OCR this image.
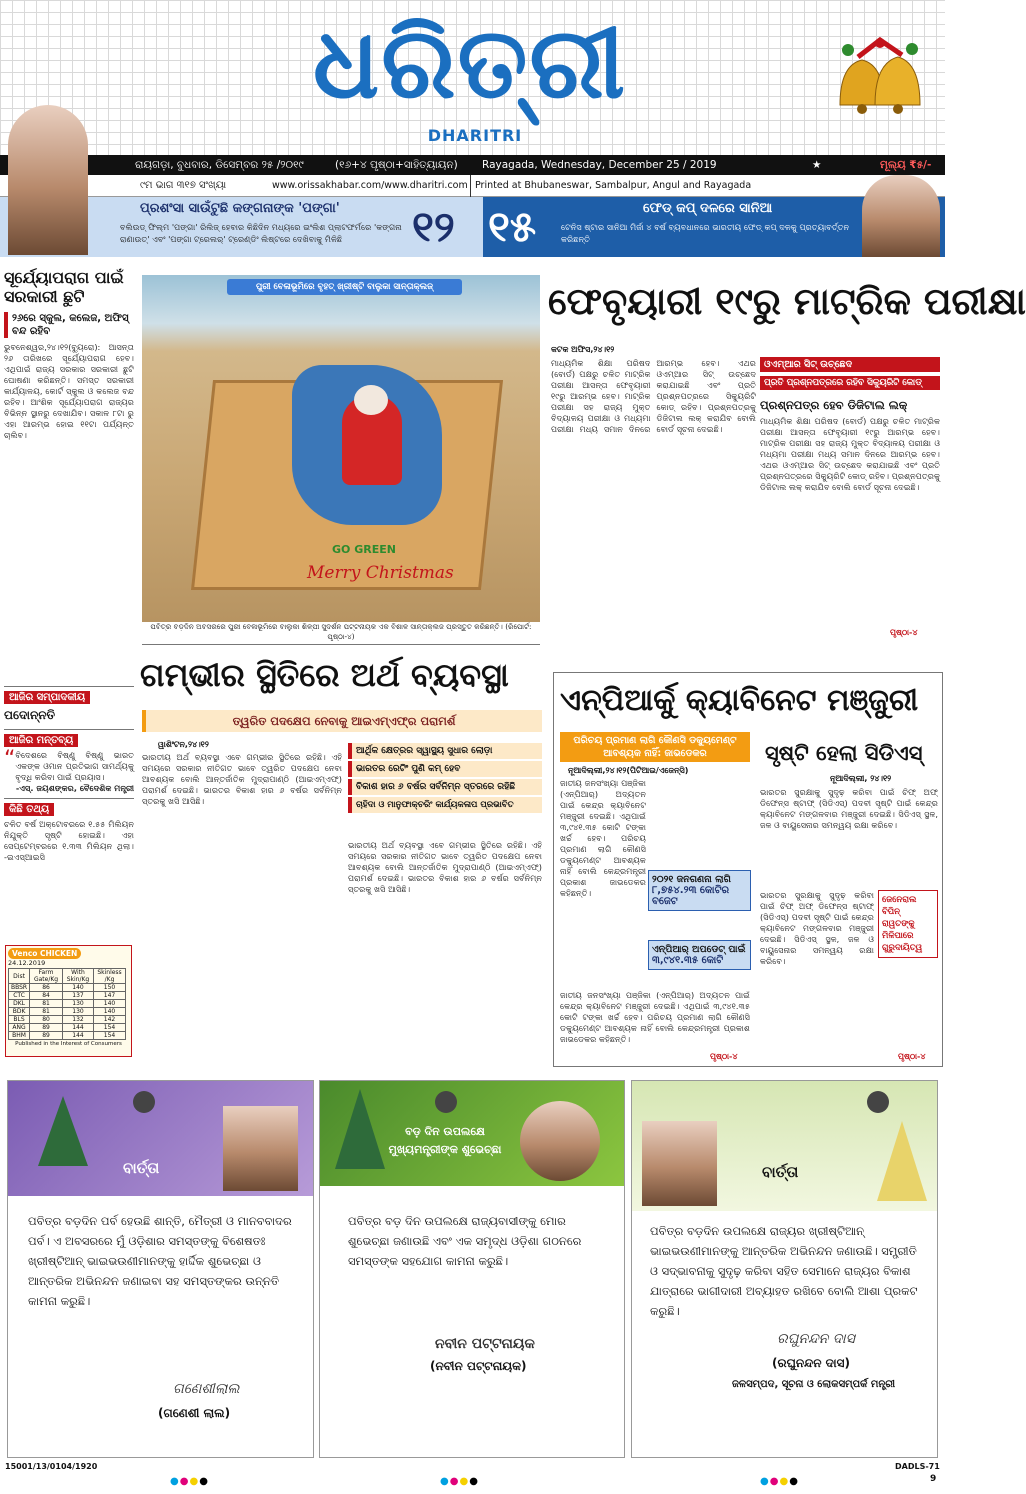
ଧରିତ୍ରୀ
DHARITRI
ରାୟଗଡ଼ା, ବୁଧବାର, ଡିସେମ୍ବର ୨୫ /୨୦୧୯	(୧୬+୪ ପୃଷ୍ଠା+ସାହିତ୍ୟାୟନ) Rayagada, Wednesday, December 25 / 2019	★	ମୂଲ୍ୟ ₹୫/-
୯ମ ଭାଗ ୩୧୭ ସଂଖ୍ୟା	www.orissakhabar.com/www.dharitri.com Printed at Bhubaneswar, Sambalpur, Angul and Rayagada
ପ୍ରଶଂସା ସାଉଁଟୁଛି କଙ୍ଗନାଙ୍କ 'ପଙ୍ଗା'
ବଲିଉଡ୍ ଫିଲ୍ମ 'ପଙ୍ଗା' ରିଲିଜ୍ ହେବାର କିଛିଦିନ ମଧ୍ୟରେ ଇଂଲିଶ ପ୍ଲାଟଫର୍ମରେ 'କଙ୍ଗନା ରାଣାଉତ୍' ଏବଂ 'ପଙ୍ଗା ଟ୍ରେଲର୍' ଟ୍ରେଣ୍ଡିଂ ଲିଷ୍ଟରେ ଦେଖିବାକୁ ମିଳିଛି	୧୨ ୧୫	ଫେଡ୍ କପ୍ ଦଳରେ ସାନିଆ
ଟେନିସ ଷ୍ଟାର ସାନିଆ ମିର୍ଜା ୪ ବର୍ଷ ବ୍ୟବଧାନରେ ଭାରତୀୟ ଫେଡ୍ କପ୍ ଦଳକୁ ପ୍ରତ୍ୟାବର୍ତ୍ତନ କରିଛନ୍ତି
ସୂର୍ଯ୍ୟୋପରାଗ ପାଇଁ ସରକାରୀ ଛୁଟି
୨୬ରେ ସ୍କୁଲ, କଲେଜ, ଅଫିସ୍ ବନ୍ଦ ରହିବ
ଭୁବନେଶ୍ୱର,୨୪।୧୨(ବ୍ୟୁରୋ): ଆସନ୍ତା ୨୬ ତାରିଖରେ ସୂର୍ଯ୍ୟୋପରାଗ ହେବ। ଏଥିପାଇଁ ରାଜ୍ୟ ସରକାର ସରକାରୀ ଛୁଟି ଘୋଷଣା କରିଛନ୍ତି। ସମସ୍ତ ସରକାରୀ କାର୍ଯ୍ୟାଳୟ, କୋର୍ଟ ସ୍କୁଲ ଓ କଲେଜ ବନ୍ଦ ରହିବ। ଆଂଶିକ ସୂର୍ଯ୍ୟୋପରାଗ ରାଜ୍ୟର ବିଭିନ୍ନ ସ୍ଥାନରୁ ଦେଖାଯିବ। ସକାଳ ୮ଟା ରୁ ଏହା ଆରମ୍ଭ ହୋଇ ୧୧ଟା ପର୍ଯ୍ୟନ୍ତ ଚାଲିବ।
ଆଜିର ସମ୍ପାଦକୀୟ
ପଦୋନ୍ନତି
ଆଜିର ମନ୍ତବ୍ୟ
“ ବିଦେଶରେ ବିଷ୍ଣୁ ବିଷ୍ଣୁ ଭାରତ ଏକଙ୍କ ଓମାନ ପ୍ରତିଭାଗ ସାମର୍ଥ୍ୟକୁ ବୃଦ୍ଧି କରିବା ପାଇଁ ପ୍ରୟାସ।
-ଏସ୍. ଜୟଶଙ୍କର, ବୈଦେଶିକ ମନ୍ତ୍ରୀ
କିଛି ତଥ୍ୟ
ଚଳିତ ବର୍ଷ ଅକ୍ଟୋବରରେ ୧.୫୫ ମିଲିୟନ ନିଯୁକ୍ତି ସୃଷ୍ଟି ହୋଇଛି। ଏହା ସେପ୍ଟେମ୍ବରରେ ୧.୩୩ ମିଲିୟନ ଥିଲା। -ଇଏସ୍ଆଇସି
Venco CHICKEN
24.12.2019
Dist	Farm Gate/Kg	With Skin/Kg	Skinless /Kg
BBSR	86	140	150
CTC	84	137	147
DKL	81	130	140
BDK	81	130	140
BLS	80	132	142
ANG	89	144	154
BHM	89	144	154
Published in the Interest of Consumers
ପୁରୀ ବେଳାଭୂମିରେ ବୃହତ୍ ଖ୍ରୀଷ୍ଟି ବାଲୁକା ସାନ୍ତାକ୍ଲଜ୍
GO GREEN
Merry Christmas
ପବିତ୍ର ବଡ଼ଦିନ ଅବସରରେ ପୁରୀ ବେଳାଭୂମିରେ ବାଲୁକା ଶିଳ୍ପୀ ସୁଦର୍ଶନ ପଟ୍ଟନାୟକ ଏକ ବିଶାଳ ସାନ୍ତାକ୍ଲଜ ପ୍ରସ୍ତୁତ କରିଛନ୍ତି। (ରିପୋର୍ଟ: ପୃଷ୍ଠା-୪)
ଫେବୃୟାରୀ ୧୯ରୁ ମାଟ୍ରିକ ପରୀକ୍ଷା
କଟକ ଅଫିସ,୨୪।୧୨
ମାଧ୍ୟମିକ ଶିକ୍ଷା ପରିଷଦ (ବୋର୍ଡ) ପକ୍ଷରୁ ଚଳିତ ମାଟ୍ରିକ ପରୀକ୍ଷା ଆସନ୍ତା ଫେବୃୟାରୀ ୧୯ରୁ ଆରମ୍ଭ ହେବ। ମାଟ୍ରିକ ପରୀକ୍ଷା ସହ ରାଜ୍ୟ ମୁକ୍ତ ବିଦ୍ୟାଳୟ ପରୀକ୍ଷା ଓ ମଧ୍ୟମା ପରୀକ୍ଷା ମଧ୍ୟ ସମାନ ଦିନରେ ଆରମ୍ଭ ହେବ। ଏଥର ଓଏମ୍ଆର ସିଟ୍ ଉଚ୍ଛେଦ କରାଯାଇଛି ଏବଂ ପ୍ରତି ପ୍ରଶ୍ନପତ୍ରରେ ସିକ୍ୟୁରିଟି କୋଡ୍ ରହିବ। ପ୍ରଶ୍ନପତ୍ରକୁ ଡିଜିଟାଲ ଲକ୍ କରାଯିବ ବୋଲି ବୋର୍ଡ ସୂଚନା ଦେଇଛି।
ଓଏମ୍ଆର ସିଟ୍ ଉଚ୍ଛେଦ
ପ୍ରତି ପ୍ରଶ୍ନପତ୍ରରେ ରହିବ ସିକ୍ୟୁରିଟି କୋଡ୍
ପ୍ରଶ୍ନପତ୍ର ହେବ ଡିଜିଟାଲ ଲକ୍
ମାଧ୍ୟମିକ ଶିକ୍ଷା ପରିଷଦ (ବୋର୍ଡ) ପକ୍ଷରୁ ଚଳିତ ମାଟ୍ରିକ ପରୀକ୍ଷା ଆସନ୍ତା ଫେବୃୟାରୀ ୧୯ରୁ ଆରମ୍ଭ ହେବ। ମାଟ୍ରିକ ପରୀକ୍ଷା ସହ ରାଜ୍ୟ ମୁକ୍ତ ବିଦ୍ୟାଳୟ ପରୀକ୍ଷା ଓ ମଧ୍ୟମା ପରୀକ୍ଷା ମଧ୍ୟ ସମାନ ଦିନରେ ଆରମ୍ଭ ହେବ। ଏଥର ଓଏମ୍ଆର ସିଟ୍ ଉଚ୍ଛେଦ କରାଯାଇଛି ଏବଂ ପ୍ରତି ପ୍ରଶ୍ନପତ୍ରରେ ସିକ୍ୟୁରିଟି କୋଡ୍ ରହିବ। ପ୍ରଶ୍ନପତ୍ରକୁ ଡିଜିଟାଲ ଲକ୍ କରାଯିବ ବୋଲି ବୋର୍ଡ ସୂଚନା ଦେଇଛି।
ପୃଷ୍ଠା-୪
ଗମ୍ଭୀର ସ୍ଥିତିରେ ଅର୍ଥ ବ୍ୟବସ୍ଥା
ତ୍ୱରିତ ପଦକ୍ଷେପ ନେବାକୁ ଆଇଏମ୍ଏଫ୍ର ପରାମର୍ଶ
ୱାଶିଂଟନ,୨୪।୧୨
ଭାରତୀୟ ଅର୍ଥ ବ୍ୟବସ୍ଥା ଏବେ ଗମ୍ଭୀର ସ୍ଥିତିରେ ରହିଛି। ଏହି ସମୟରେ ସରକାର ନୀତିଗତ ଭାବେ ତ୍ୱରିତ ପଦକ୍ଷେପ ନେବା ଆବଶ୍ୟକ ବୋଲି ଆନ୍ତର୍ଜାତିକ ମୁଦ୍ରାପାଣ୍ଠି (ଆଇଏମ୍ଏଫ୍) ପରାମର୍ଶ ଦେଇଛି। ଭାରତର ବିକାଶ ହାର ୬ ବର୍ଷର ସର୍ବନିମ୍ନ ସ୍ତରକୁ ଖସି ଆସିଛି।
ଆର୍ଥିକ କ୍ଷେତ୍ରର ସ୍ୱାସ୍ଥ୍ୟ ସୁଧାର ଲୋଡ଼ା
ଭାରତର ରେଟିଂ ପୁଣି କମ୍ ହେବ
ବିକାଶ ହାର ୬ ବର୍ଷର ସର୍ବନିମ୍ନ ସ୍ତରରେ ରହିଛି
ଚାହିଦା ଓ ମାନୁଫାକ୍ଚରିଂ କାର୍ଯ୍ୟକଳାପ ପ୍ରଭାବିତ
ଭାରତୀୟ ଅର୍ଥ ବ୍ୟବସ୍ଥା ଏବେ ଗମ୍ଭୀର ସ୍ଥିତିରେ ରହିଛି। ଏହି ସମୟରେ ସରକାର ନୀତିଗତ ଭାବେ ତ୍ୱରିତ ପଦକ୍ଷେପ ନେବା ଆବଶ୍ୟକ ବୋଲି ଆନ୍ତର୍ଜାତିକ ମୁଦ୍ରାପାଣ୍ଠି (ଆଇଏମ୍ଏଫ୍) ପରାମର୍ଶ ଦେଇଛି। ଭାରତର ବିକାଶ ହାର ୬ ବର୍ଷର ସର୍ବନିମ୍ନ ସ୍ତରକୁ ଖସି ଆସିଛି।
ଏନ୍ପିଆର୍କୁ କ୍ୟାବିନେଟ ମଞ୍ଜୁରୀ
ପରିଚୟ ପ୍ରମାଣ ଲାଗି କୌଣସି ଡକ୍ୟୁମେଣ୍ଟ ଆବଶ୍ୟକ ନାହିଁ: ଜାଭଡେକର
ନୂଆଦିଲ୍ଲୀ,୨୪।୧୨(ପିଟିଆଇ/ଏଜେନ୍ସି)
ଜାତୀୟ ଜନସଂଖ୍ୟା ପଞ୍ଜିକା (ଏନ୍ପିଆର୍) ଅଦ୍ୟତନ ପାଇଁ କେନ୍ଦ୍ର କ୍ୟାବିନେଟ ମଞ୍ଜୁରୀ ଦେଇଛି। ଏଥିପାଇଁ ୩,୯୪୧.୩୫ କୋଟି ଟଙ୍କା ଖର୍ଚ୍ଚ ହେବ। ପରିଚୟ ପ୍ରମାଣ ଲାଗି କୌଣସି ଡକ୍ୟୁମେଣ୍ଟ ଆବଶ୍ୟକ ନାହିଁ ବୋଲି କେନ୍ଦ୍ରମନ୍ତ୍ରୀ ପ୍ରକାଶ ଜାଭଡେକର କହିଛନ୍ତି।
୨୦୨୧ ଜନଗଣନା ଲାଗି
୮,୭୫୪.୨୩ କୋଟିର ବଜେଟ
ଏନ୍ପିଆର୍ ଅପଡେଟ୍ ପାଇଁ
୩,୯୪୧.୩୫ କୋଟି
ଜାତୀୟ ଜନସଂଖ୍ୟା ପଞ୍ଜିକା (ଏନ୍ପିଆର୍) ଅଦ୍ୟତନ ପାଇଁ କେନ୍ଦ୍ର କ୍ୟାବିନେଟ ମଞ୍ଜୁରୀ ଦେଇଛି। ଏଥିପାଇଁ ୩,୯୪୧.୩୫ କୋଟି ଟଙ୍କା ଖର୍ଚ୍ଚ ହେବ। ପରିଚୟ ପ୍ରମାଣ ଲାଗି କୌଣସି ଡକ୍ୟୁମେଣ୍ଟ ଆବଶ୍ୟକ ନାହିଁ ବୋଲି କେନ୍ଦ୍ରମନ୍ତ୍ରୀ ପ୍ରକାଶ ଜାଭଡେକର କହିଛନ୍ତି।
ପୃଷ୍ଠା-୪
ସୃଷ୍ଟି ହେଲା ସିଡିଏସ୍
ନୂଆଦିଲ୍ଲୀ, ୨୪।୧୨
ଭାରତର ସୁରକ୍ଷାକୁ ସୁଦୃଢ଼ କରିବା ପାଇଁ ଚିଫ୍ ଅଫ୍ ଡିଫେନ୍ସ ଷ୍ଟାଫ୍ (ସିଡିଏସ୍) ପଦବୀ ସୃଷ୍ଟି ପାଇଁ କେନ୍ଦ୍ର କ୍ୟାବିନେଟ ମଙ୍ଗଳବାର ମଞ୍ଜୁରୀ ଦେଇଛି। ସିଡିଏସ୍ ସ୍ଥଳ, ଜଳ ଓ ବାୟୁସେନାର ସମନ୍ୱୟ ରକ୍ଷା କରିବେ।
ଜେନେରାଲ ବିପିନ୍ ରାୱତଙ୍କୁ ମିଳିପାରେ ଗୁରୁଦାୟିତ୍ୱ
ଭାରତର ସୁରକ୍ଷାକୁ ସୁଦୃଢ଼ କରିବା ପାଇଁ ଚିଫ୍ ଅଫ୍ ଡିଫେନ୍ସ ଷ୍ଟାଫ୍ (ସିଡିଏସ୍) ପଦବୀ ସୃଷ୍ଟି ପାଇଁ କେନ୍ଦ୍ର କ୍ୟାବିନେଟ ମଙ୍ଗଳବାର ମଞ୍ଜୁରୀ ଦେଇଛି। ସିଡିଏସ୍ ସ୍ଥଳ, ଜଳ ଓ ବାୟୁସେନାର ସମନ୍ୱୟ ରକ୍ଷା କରିବେ।
ପୃଷ୍ଠା-୪
ବାର୍ତ୍ତା
ପବିତ୍ର ବଡ଼ଦିନ ପର୍ବ ହେଉଛି ଶାନ୍ତି, ମୈତ୍ରୀ ଓ ମାନବବାଦର ପର୍ବ। ଏ ଅବସରରେ ମୁଁ ଓଡ଼ିଶାର ସମସ୍ତଙ୍କୁ ବିଶେଷତଃ ଖ୍ରୀଷ୍ଟିଆନ୍ ଭାଇଭଉଣୀମାନଙ୍କୁ ହାର୍ଦ୍ଦିକ ଶୁଭେଚ୍ଛା ଓ ଆନ୍ତରିକ ଅଭିନନ୍ଦନ ଜଣାଇବା ସହ ସମସ୍ତଙ୍କର ଉନ୍ନତି କାମନା କରୁଛି।
ଗଣେଶୀଲାଲ
(ଗଣେଶୀ ଲାଲ)
ବଡ଼ ଦିନ ଉପଲକ୍ଷେ ମୁଖ୍ୟମନ୍ତ୍ରୀଙ୍କ ଶୁଭେଚ୍ଛା
ପବିତ୍ର ବଡ଼ ଦିନ ଉପଲକ୍ଷେ ରାଜ୍ୟବାସୀଙ୍କୁ ମୋର ଶୁଭେଚ୍ଛା ଜଣାଉଛି ଏବଂ ଏକ ସମୃଦ୍ଧ ଓଡ଼ିଶା ଗଠନରେ ସମସ୍ତଙ୍କ ସହଯୋଗ କାମନା କରୁଛି।
ନବୀନ ପଟ୍ଟନାୟକ
(ନବୀନ ପଟ୍ଟନାୟକ)
ବାର୍ତ୍ତା
ପବିତ୍ର ବଡ଼ଦିନ ଉପଲକ୍ଷେ ରାଜ୍ୟର ଖ୍ରୀଷ୍ଟିଆନ୍ ଭାଇଭଉଣୀମାନଙ୍କୁ ଆନ୍ତରିକ ଅଭିନନ୍ଦନ ଜଣାଉଛି। ସମ୍ପ୍ରୀତି ଓ ସଦ୍ଭାବନାକୁ ସୁଦୃଢ଼ କରିବା ସହିତ ସେମାନେ ରାଜ୍ୟର ବିକାଶ ଯାତ୍ରାରେ ଭାଗୀଦାରୀ ଅବ୍ୟାହତ ରଖିବେ ବୋଲି ଆଶା ପ୍ରକଟ କରୁଛି।
ରଘୁନନ୍ଦନ ଦାସ
(ରଘୁନନ୍ଦନ ଦାସ)
ଜଳସମ୍ପଦ, ସୂଚନା ଓ ଲୋକସମ୍ପର୍କ ମନ୍ତ୍ରୀ
15001/13/0104/1920	DADLS-71
9
●●●●	●●●●	●●●●
